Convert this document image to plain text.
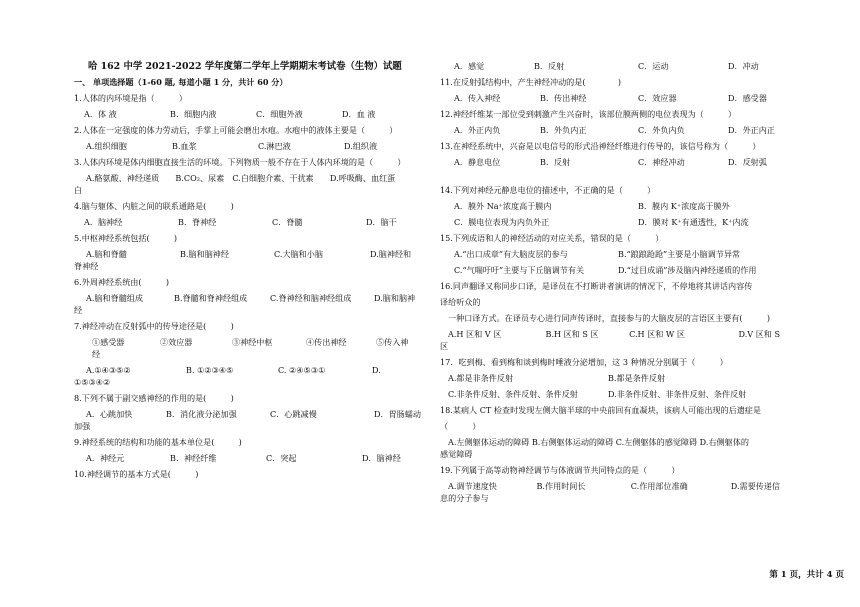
哈 162 中学 2021-2022 学年度第二学年上学期期末考试卷（生物）试题
一、 单项选择题（1-60 题, 每道小题 1 分，共计 60 分）
1.人体的内环境是指（　　　）
A．体 液	B．细胞内液	C．细胞外液	D．血 液
2.人体在一定强度的体力劳动后，手掌上可能会磨出水疱。水疱中的液体主要是（　　　）
A.组织细胞	B.血浆	C.淋巴液	D.组织液
3.人体内环境是体内细胞直接生活的环境。下列物质一般不存在于人体内环境的是（　　　）
A.酪氨酸、神经递质　　B.CO₂、尿素　C.白细胞介素、干扰素　　D.呼吸酶、血红蛋
白
4.脑与躯体、内脏之间的联系通路是(　　　)
A．脑神经	B．脊神经	C．脊髓	D．脑干
5.中枢神经系统包括(　　　)
A.脑和脊髓	B.脑和脑神经	C.大脑和小脑	D.脑神经和
脊神经
6.外周神经系统由(　　　)
A.脑和脊髓组成	B.脊髓和脊神经组成	C.脊神经和脑神经组成	D.脑和脑神
经
7.神经冲动在反射弧中的传导途径是(　　　)
①感受器	②效应器	③神经中枢	④传出神经	⑤传入神
经
A.①④③⑤②	B. ①②③④⑤	C. ②④⑤③①	D.
①⑤③④②
8.下列不属于副交感神经的作用的是(　　　)
A．心跳加快	B．消化液分泌加强	C．心跳减慢	D．胃肠蠕动
加强
9.神经系统的结构和功能的基本单位是(　　　)
A．神经元	B．神经纤维	C．突起	D．脑神经
10.神经调节的基本方式是(　　　)
A．感觉	B．反射	C．运动	D．冲动
11.在反射弧结构中，产生神经冲动的是(　　　　)
A．传入神经	B．传出神经	C．效应器	D．感受器
12.神经纤维某一部位受到刺激产生兴奋时，该部位膜两侧的电位表现为（　　　）
A．外正内负	B．外负内正	C．外负内负	D．外正内正
13.在神经系统中，兴奋是以电信号的形式沿神经纤维进行传导的，该信号称为（　　　）
A．静息电位	B．反射	C．神经冲动	D．反射弧
14.下列对神经元静息电位的描述中，不正确的是（　　　）
A．膜外 Na⁺浓度高于膜内	B．膜内 K⁺浓度高于膜外
C．膜电位表现为内负外正	D．膜对 K⁺有通透性，K⁺内流
15.下列成语和人的神经活动的对应关系，错误的是（　　　）
A.“出口成章”有大脑皮层的参与	B.“踉踉跄跄”主要是小脑调节异常
C.“气喘吁吁”主要与下丘脑调节有关	D.“过目成诵”涉及脑内神经递质的作用
16.同声翻译又称同步口译，是译员在不打断讲者演讲的情况下，不停地将其讲话内容传
译给听众的
一种口译方式。在译员专心进行同声传译时，直接参与的大脑皮层的言语区主要有(　　　)
A.H 区和 V 区	B.H 区和 S 区	C.H 区和 W 区	D.V 区和 S
区
17．吃到梅、看到梅和谈到梅时唾液分泌增加，这 3 种情况分别属于（　　　）
A.都是非条件反射	B.都是条件反射
C.非条件反射、条件反射、条件反射	D.非条件反射、非条件反射、条件反射
18.某病人 CT 检查时发现左侧大脑半球的中央前回有血凝块，该病人可能出现的后遗症是
（　　　）
A.左侧躯体运动的障碍 B.右侧躯体运动的障碍 C.左侧躯体的感觉障碍 D.右侧躯体的
感觉障碍
19.下列属于高等动物神经调节与体液调节共同特点的是（　　　）
A.调节速度快	B.作用时间长	C.作用部位准确	D.需要传递信
息的分子参与
第 1 页，共计 4 页
